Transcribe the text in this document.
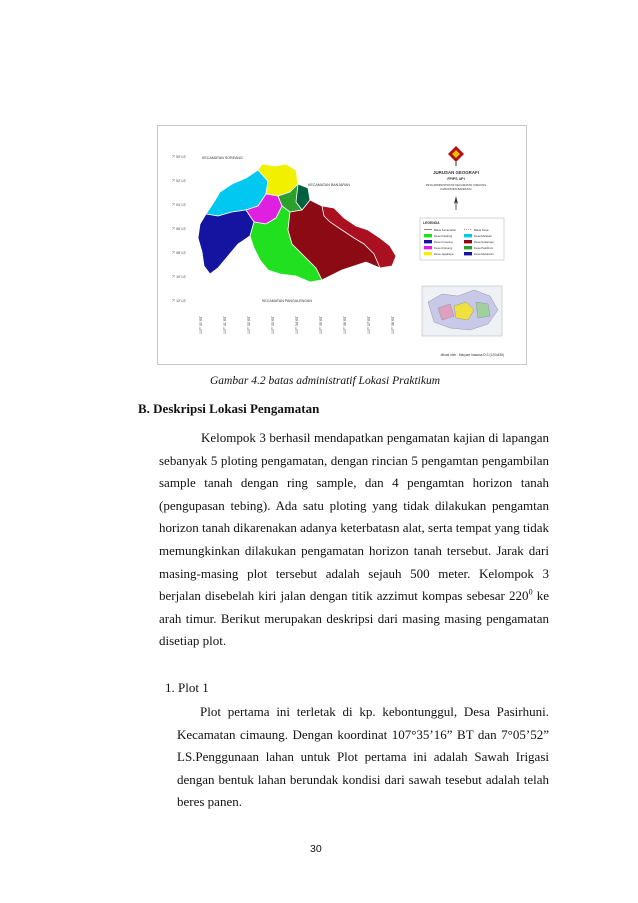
7° 00' LS
7° 02' LS
7° 04' LS
7° 06' LS
7° 08' LS
7° 10' LS
7° 12' LS
107° 30' BT	107° 31' BT	107° 32' BT	107° 33' BT	107° 34' BT	107° 35' BT	107° 36' BT	107° 37' BT	107° 38' BT
KECAMATAN SOREANG
KECAMATAN BANJARAN
KECAMATAN PANGALENGAN
JURUSAN GEOGRAFI
FPIPS UPI
PETA ADMINISTRATIF KECAMATAN CIMAUNG
KABUPATEN BANDUNG
LEGENDA
Batas Kecamatan	Batas Desa
Desa Cikalong	Desa Malasari
Desa Cimaung	Desa Sukamaju
Desa Cipinang	Desa Pasirhuni
Desa Jagabaya	Desa Mekarsari
dibuat oleh : Maryam Isasana D.S (1204436)
Gambar 4.2 batas administratif Lokasi Praktikum
B. Deskripsi Lokasi Pengamatan
Kelompok 3 berhasil mendapatkan pengamatan kajian di lapangan
sebanyak 5 ploting pengamatan, dengan rincian 5 pengamtan pengambilan
sample tanah dengan ring sample, dan 4 pengamtan horizon tanah
(pengupasan tebing). Ada satu ploting yang tidak dilakukan pengamtan
horizon tanah dikarenakan adanya keterbatasn alat, serta tempat yang tidak
memungkinkan dilakukan pengamatan horizon tanah tersebut. Jarak dari
masing-masing plot tersebut adalah sejauh 500 meter. Kelompok 3
berjalan disebelah kiri jalan dengan titik azzimut kompas sebesar $220^0$ ke
arah timur. Berikut merupakan deskripsi dari masing masing pengamatan
disetiap plot.
1. Plot 1
Plot pertama ini terletak di kp. kebontunggul, Desa Pasirhuni.
Kecamatan cimaung. Dengan koordinat 107°35’16” BT dan 7°05’52”
LS.Penggunaan lahan untuk Plot pertama ini adalah Sawah Irigasi
dengan bentuk lahan berundak kondisi dari sawah tesebut adalah telah
beres panen.
30
